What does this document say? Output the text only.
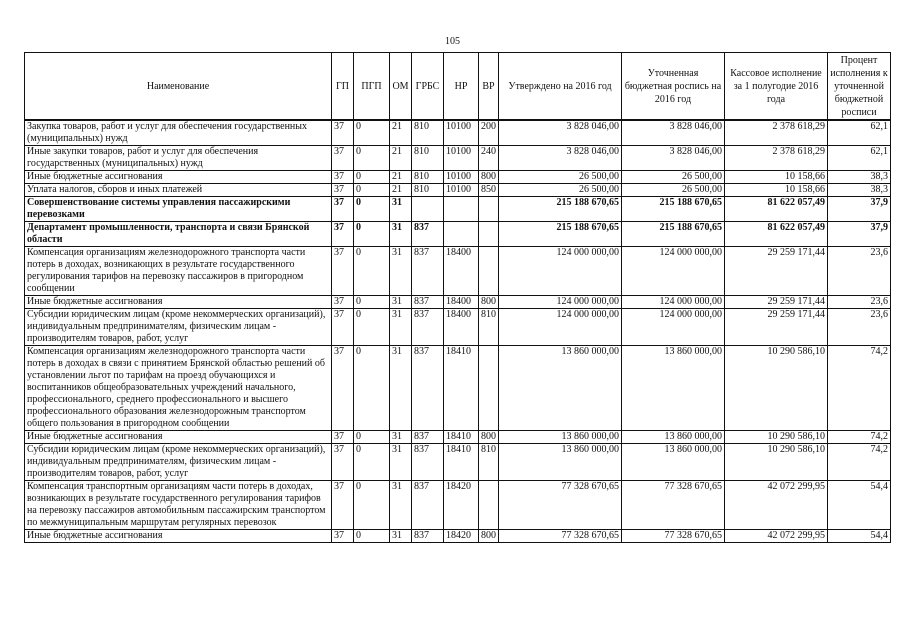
105
Наименование	ГП	ПГП	ОМ	ГРБС	НР	ВР	Утверждено на 2016 год	Уточненная бюджетная роспись на 2016 год	Кассовое исполнение за 1 полугодие 2016 года	Процент исполнения к уточненной бюджетной росписи
Закупка товаров, работ и услуг для обеспечения государственных (муниципальных) нужд	37	0	21	810	10100	200	3 828 046,00	3 828 046,00	2 378 618,29	62,1
Иные закупки товаров, работ и услуг для обеспечения государственных (муниципальных) нужд	37	0	21	810	10100	240	3 828 046,00	3 828 046,00	2 378 618,29	62,1
Иные бюджетные ассигнования	37	0	21	810	10100	800	26 500,00	26 500,00	10 158,66	38,3
Уплата налогов, сборов и иных платежей	37	0	21	810	10100	850	26 500,00	26 500,00	10 158,66	38,3
Совершенствование системы управления пассажирскими перевозками	37	0	31				215 188 670,65	215 188 670,65	81 622 057,49	37,9
Департамент промышленности, транспорта и связи Брянской области	37	0	31	837			215 188 670,65	215 188 670,65	81 622 057,49	37,9
Компенсация организациям железнодорожного транспорта части потерь в доходах, возникающих в результате государственного регулирования тарифов на перевозку пассажиров в пригородном сообщении	37	0	31	837	18400		124 000 000,00	124 000 000,00	29 259 171,44	23,6
Иные бюджетные ассигнования	37	0	31	837	18400	800	124 000 000,00	124 000 000,00	29 259 171,44	23,6
Субсидии юридическим лицам (кроме некоммерческих организаций), индивидуальным предпринимателям, физическим лицам - производителям товаров, работ, услуг	37	0	31	837	18400	810	124 000 000,00	124 000 000,00	29 259 171,44	23,6
Компенсация организациям железнодорожного транспорта части потерь в доходах в связи с принятием Брянской областью решений об установлении льгот по тарифам на проезд обучающихся и воспитанников общеобразовательных учреждений начального, профессионального, среднего профессионального и высшего профессионального образования железнодорожным транспортом общего пользования в пригородном сообщении	37	0	31	837	18410		13 860 000,00	13 860 000,00	10 290 586,10	74,2
Иные бюджетные ассигнования	37	0	31	837	18410	800	13 860 000,00	13 860 000,00	10 290 586,10	74,2
Субсидии юридическим лицам (кроме некоммерческих организаций), индивидуальным предпринимателям, физическим лицам - производителям товаров, работ, услуг	37	0	31	837	18410	810	13 860 000,00	13 860 000,00	10 290 586,10	74,2
Компенсация транспортным организациям части потерь в доходах, возникающих в результате государственного регулирования тарифов на перевозку пассажиров автомобильным пассажирским транспортом по межмуниципальным маршрутам регулярных перевозок	37	0	31	837	18420		77 328 670,65	77 328 670,65	42 072 299,95	54,4
Иные бюджетные ассигнования	37	0	31	837	18420	800	77 328 670,65	77 328 670,65	42 072 299,95	54,4
